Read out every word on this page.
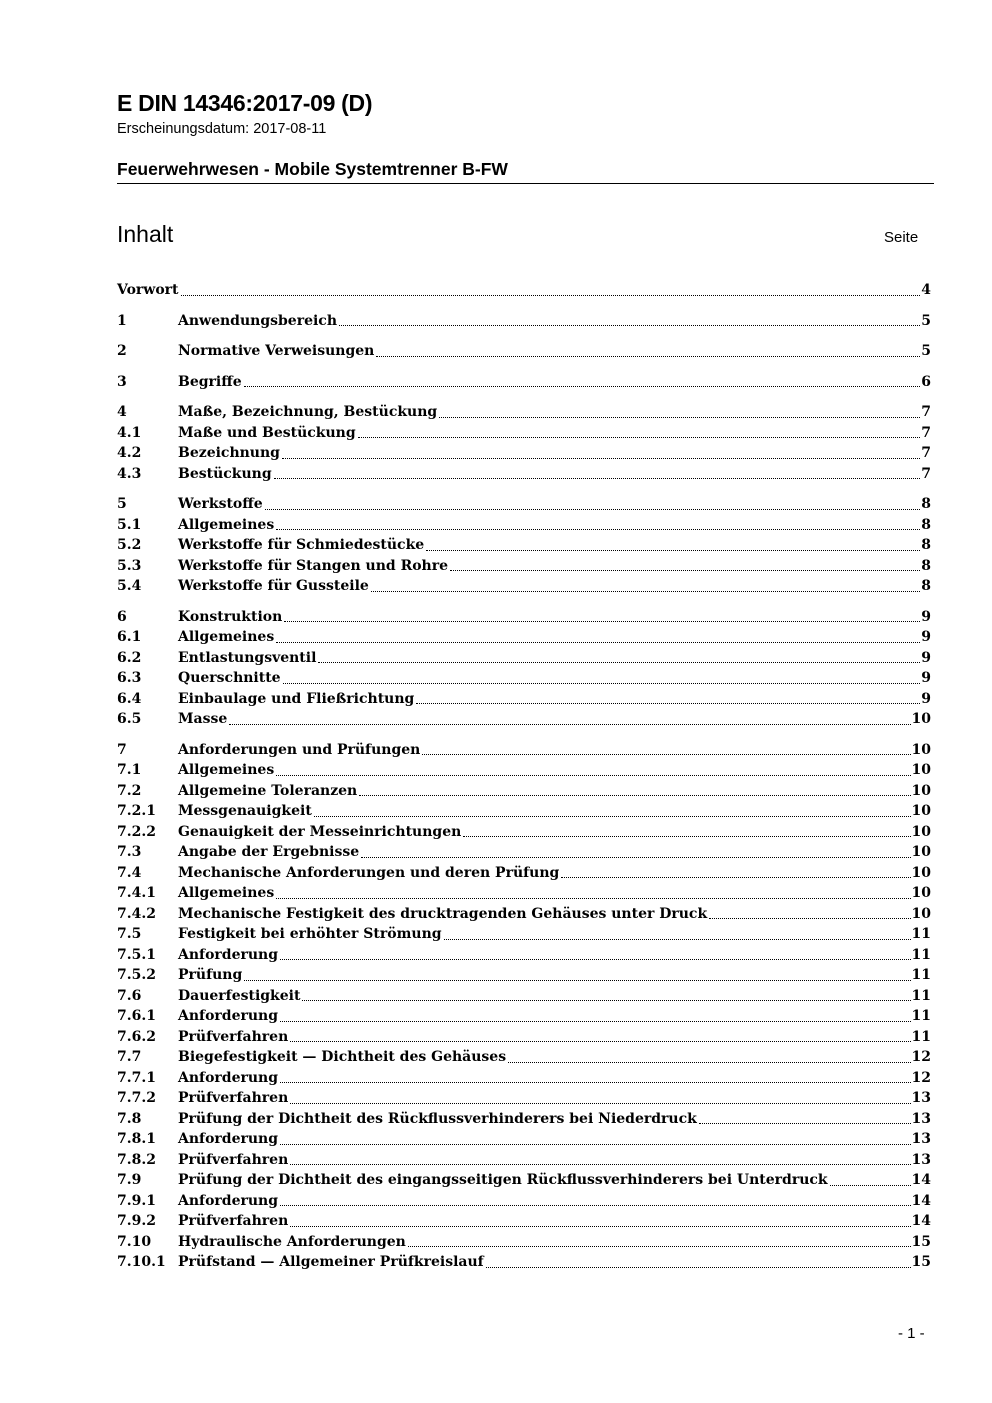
E DIN 14346:2017-09 (D)
Erscheinungsdatum: 2017-08-11
Feuerwehrwesen - Mobile Systemtrenner B-FW
Inhalt	Seite
Vorwort	4
1	Anwendungsbereich	5
2	Normative Verweisungen	5
3	Begriffe	6
4	Maße, Bezeichnung, Bestückung	7
4.1	Maße und Bestückung	7
4.2	Bezeichnung	7
4.3	Bestückung	7
5	Werkstoffe	8
5.1	Allgemeines	8
5.2	Werkstoffe für Schmiedestücke	8
5.3	Werkstoffe für Stangen und Rohre	8
5.4	Werkstoffe für Gussteile	8
6	Konstruktion	9
6.1	Allgemeines	9
6.2	Entlastungsventil	9
6.3	Querschnitte	9
6.4	Einbaulage und Fließrichtung	9
6.5	Masse	10
7	Anforderungen und Prüfungen	10
7.1	Allgemeines	10
7.2	Allgemeine Toleranzen	10
7.2.1	Messgenauigkeit	10
7.2.2	Genauigkeit der Messeinrichtungen	10
7.3	Angabe der Ergebnisse	10
7.4	Mechanische Anforderungen und deren Prüfung	10
7.4.1	Allgemeines	10
7.4.2	Mechanische Festigkeit des drucktragenden Gehäuses unter Druck	10
7.5	Festigkeit bei erhöhter Strömung	11
7.5.1	Anforderung	11
7.5.2	Prüfung	11
7.6	Dauerfestigkeit	11
7.6.1	Anforderung	11
7.6.2	Prüfverfahren	11
7.7	Biegefestigkeit — Dichtheit des Gehäuses	12
7.7.1	Anforderung	12
7.7.2	Prüfverfahren	13
7.8	Prüfung der Dichtheit des Rückflussverhinderers bei Niederdruck	13
7.8.1	Anforderung	13
7.8.2	Prüfverfahren	13
7.9	Prüfung der Dichtheit des eingangsseitigen Rückflussverhinderers bei Unterdruck	14
7.9.1	Anforderung	14
7.9.2	Prüfverfahren	14
7.10	Hydraulische Anforderungen	15
7.10.1 Prüfstand — Allgemeiner Prüfkreislauf	15
- 1 -
